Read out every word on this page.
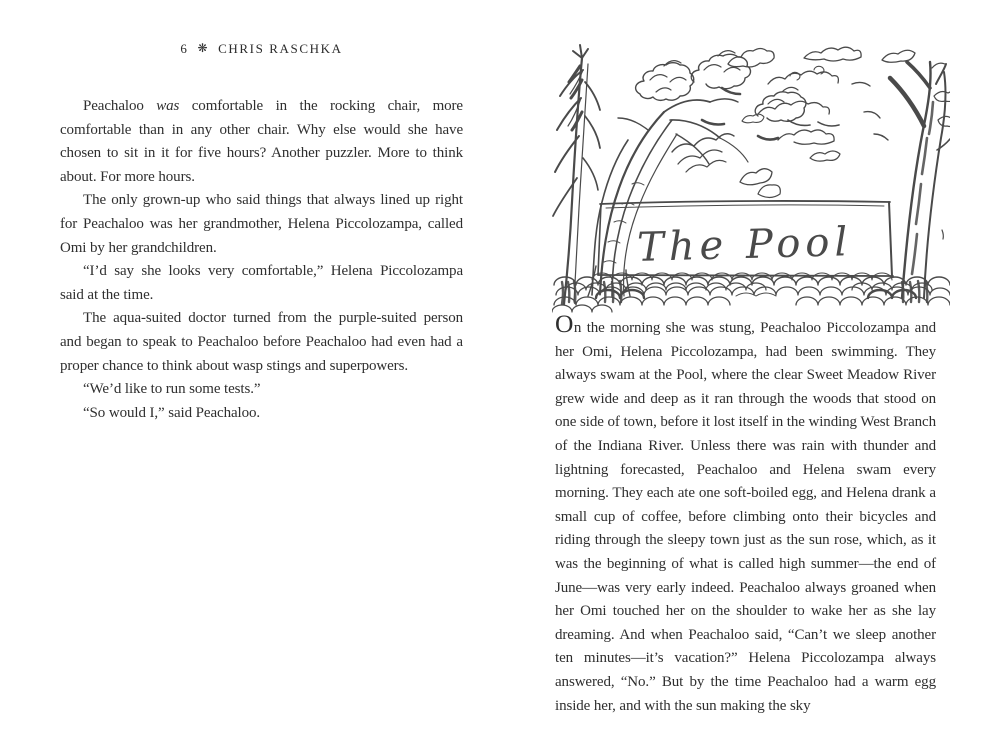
6 ❋ CHRIS RASCHKA

Peachaloo was comfortable in the rocking chair, more comfortable than in any other chair. Why else would she have chosen to sit in it for five hours? Another puzzler. More to think about. For more hours.

The only grown-up who said things that always lined up right for Peachaloo was her grandmother, Helena Piccolozampa, called Omi by her grandchildren.

“I’d say she looks very comfortable,” Helena Piccolozampa said at the time.

The aqua-suited doctor turned from the purple-suited person and began to speak to Peachaloo before Peachaloo had even had a proper chance to think about wasp stings and superpowers.

“We’d like to run some tests.”

“So would I,” said Peachaloo.

The Pool

On the morning she was stung, Peachaloo Piccolozampa and her Omi, Helena Piccolozampa, had been swimming. They always swam at the Pool, where the clear Sweet Meadow River grew wide and deep as it ran through the woods that stood on one side of town, before it lost itself in the winding West Branch of the Indiana River. Unless there was rain with thunder and lightning forecasted, Peachaloo and Helena swam every morning. They each ate one soft-boiled egg, and Helena drank a small cup of coffee, before climbing onto their bicycles and riding through the sleepy town just as the sun rose, which, as it was the beginning of what is called high summer—the end of June—was very early indeed. Peachaloo always groaned when her Omi touched her on the shoulder to wake her as she lay dreaming. And when Peachaloo said, “Can’t we sleep another ten minutes—it’s vacation?” Helena Piccolozampa always answered, “No.” But by the time Peachaloo had a warm egg inside her, and with the sun making the sky
